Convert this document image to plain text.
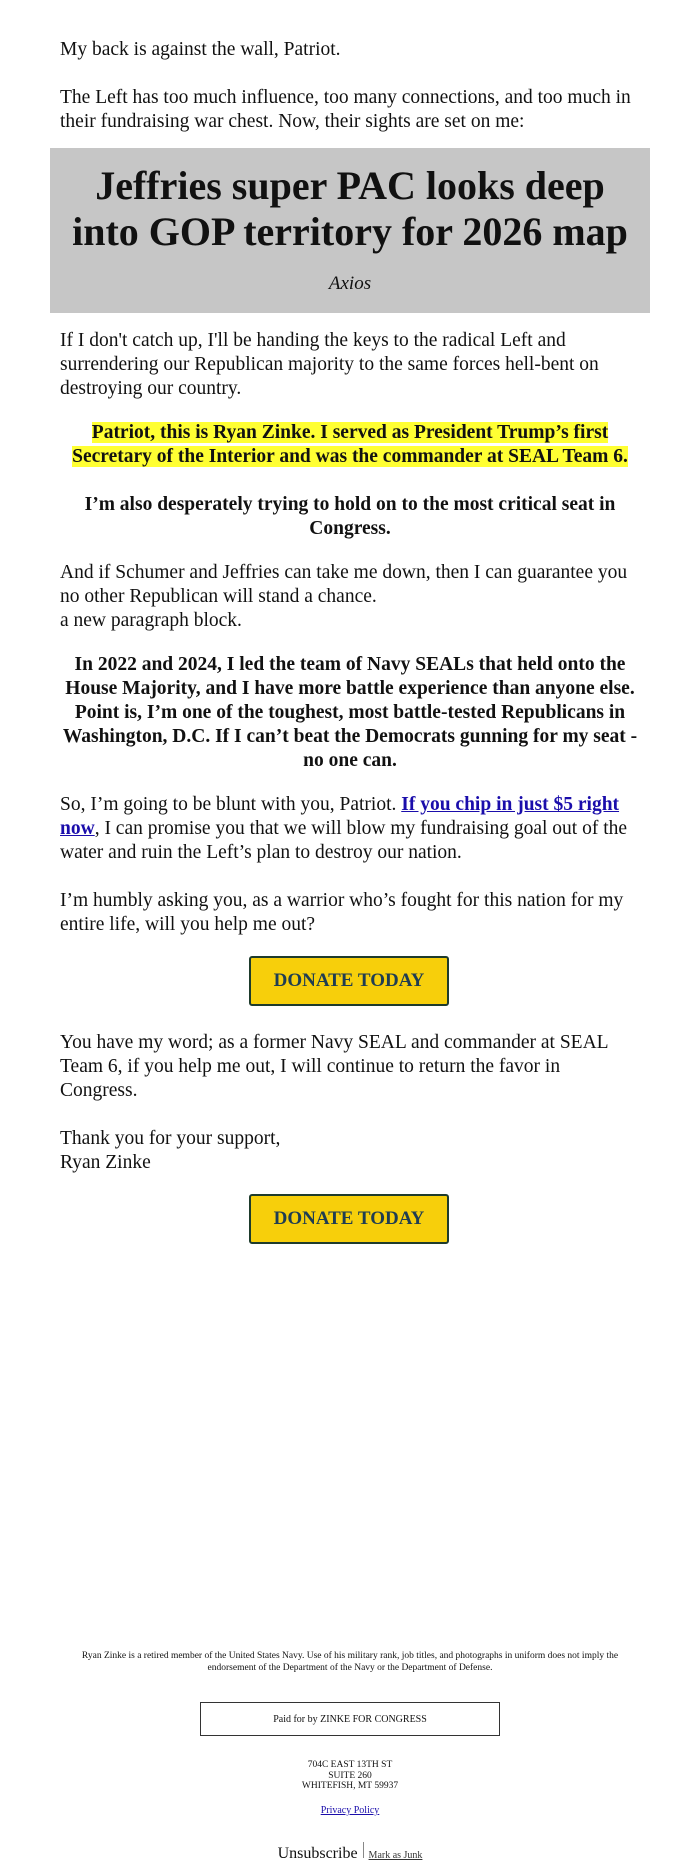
My back is against the wall, Patriot.

The Left has too much influence, too many connections, and too much in their fundraising war chest. Now, their sights are set on me:

Jeffries super PAC looks deep into GOP territory for 2026 map
Axios

If I don't catch up, I'll be handing the keys to the radical Left and surrendering our Republican majority to the same forces hell-bent on destroying our country.

Patriot, this is Ryan Zinke. I served as President Trump’s first Secretary of the Interior and was the commander at SEAL Team 6.

I’m also desperately trying to hold on to the most critical seat in Congress.

And if Schumer and Jeffries can take me down, then I can guarantee you no other Republican will stand a chance.
a new paragraph block.

In 2022 and 2024, I led the team of Navy SEALs that held onto the House Majority, and I have more battle experience than anyone else. Point is, I’m one of the toughest, most battle-tested Republicans in Washington, D.C. If I can’t beat the Democrats gunning for my seat - no one can.

So, I’m going to be blunt with you, Patriot. If you chip in just $5 right now, I can promise you that we will blow my fundraising goal out of the water and ruin the Left’s plan to destroy our nation.

I’m humbly asking you, as a warrior who’s fought for this nation for my entire life, will you help me out?

DONATE TODAY

You have my word; as a former Navy SEAL and commander at SEAL Team 6, if you help me out, I will continue to return the favor in Congress.

Thank you for your support,
Ryan Zinke

DONATE TODAY
Ryan Zinke is a retired member of the United States Navy. Use of his military rank, job titles, and photographs in uniform does not imply the endorsement of the Department of the Navy or the Department of Defense.
Paid for by ZINKE FOR CONGRESS
704C EAST 13TH ST
SUITE 260
WHITEFISH, MT 59937
Privacy Policy
Unsubscribe Mark as Junk
